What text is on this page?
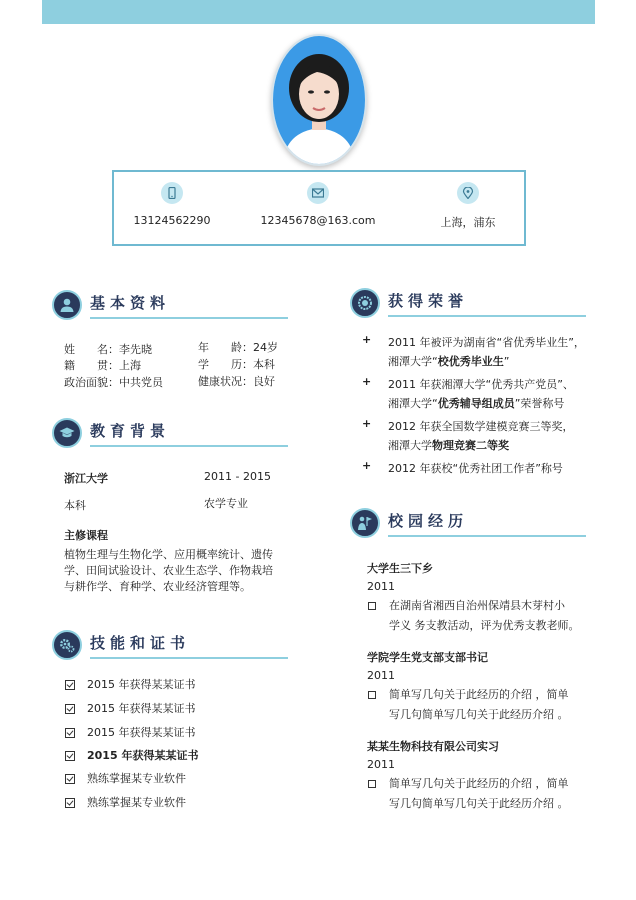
13124562290	12345678@163.com	上海，浦东
基本资料
姓　　名：李先晓
籍　　贯：上海
政治面貌：中共党员
年　　龄：24岁
学　　历：本科
健康状况：良好
教育背景
浙江大学	2011 - 2015
本科	农学专业
主修课程
植物生理与生物化学、应用概率统计、遗传
学、田间试验设计、农业生态学、作物栽培
与耕作学、育种学、农业经济管理等。
技能和证书
2015 年获得某某证书
2015 年获得某某证书
2015 年获得某某证书
2015 年获得某某证书
熟练掌握某专业软件
熟练掌握某专业软件
获得荣誉
+ 2011 年被评为湖南省“省优秀毕业生”，
湘潭大学“校优秀毕业生”
+ 2011 年获湘潭大学“优秀共产党员”、
湘潭大学“优秀辅导组成员”荣誉称号
+ 2012 年获全国数学建模竞赛三等奖，
湘潭大学物理竞赛二等奖
+ 2012 年获校“优秀社团工作者”称号
校园经历
大学生三下乡
2011
在湖南省湘西自治州保靖县木芽村小
学义 务支教活动，评为优秀支教老师。
学院学生党支部支部书记
2011
简单写几句关于此经历的介绍 ，简单
写几句简单写几句关于此经历介绍 。
某某生物科技有限公司实习
2011
简单写几句关于此经历的介绍 ，简单
写几句简单写几句关于此经历介绍 。
